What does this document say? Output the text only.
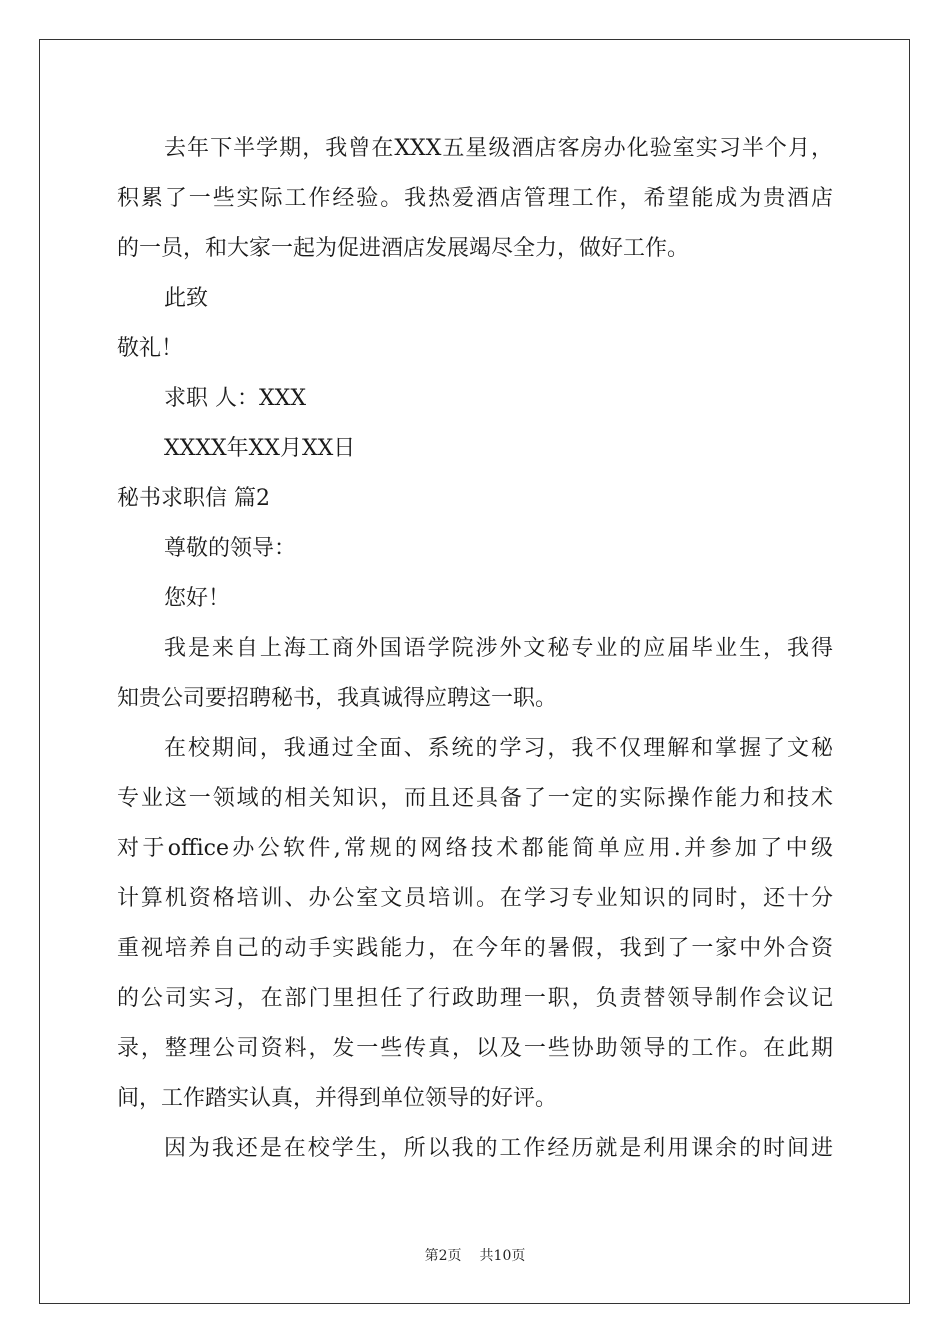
去年下半学期，我曾在XXX五星级酒店客房办化验室实习半个月，
积累了一些实际工作经验。我热爱酒店管理工作，希望能成为贵酒店
的一员，和大家一起为促进酒店发展竭尽全力，做好工作。
此致
敬礼！
求职 人：XXX
XXXX年XX月XX日
秘书求职信 篇2
尊敬的领导：
您好！
我是来自上海工商外国语学院涉外文秘专业的应届毕业生，我得
知贵公司要招聘秘书，我真诚得应聘这一职。
在校期间，我通过全面、系统的学习，我不仅理解和掌握了文秘
专业这一领域的相关知识，而且还具备了一定的实际操作能力和技术
对于office办公软件,常规的网络技术都能简单应用.并参加了中级
计算机资格培训、办公室文员培训。在学习专业知识的同时，还十分
重视培养自己的动手实践能力，在今年的暑假，我到了一家中外合资
的公司实习，在部门里担任了行政助理一职，负责替领导制作会议记
录，整理公司资料，发一些传真，以及一些协助领导的工作。在此期
间，工作踏实认真，并得到单位领导的好评。
因为我还是在校学生，所以我的工作经历就是利用课余的时间进
第2页 共10页
